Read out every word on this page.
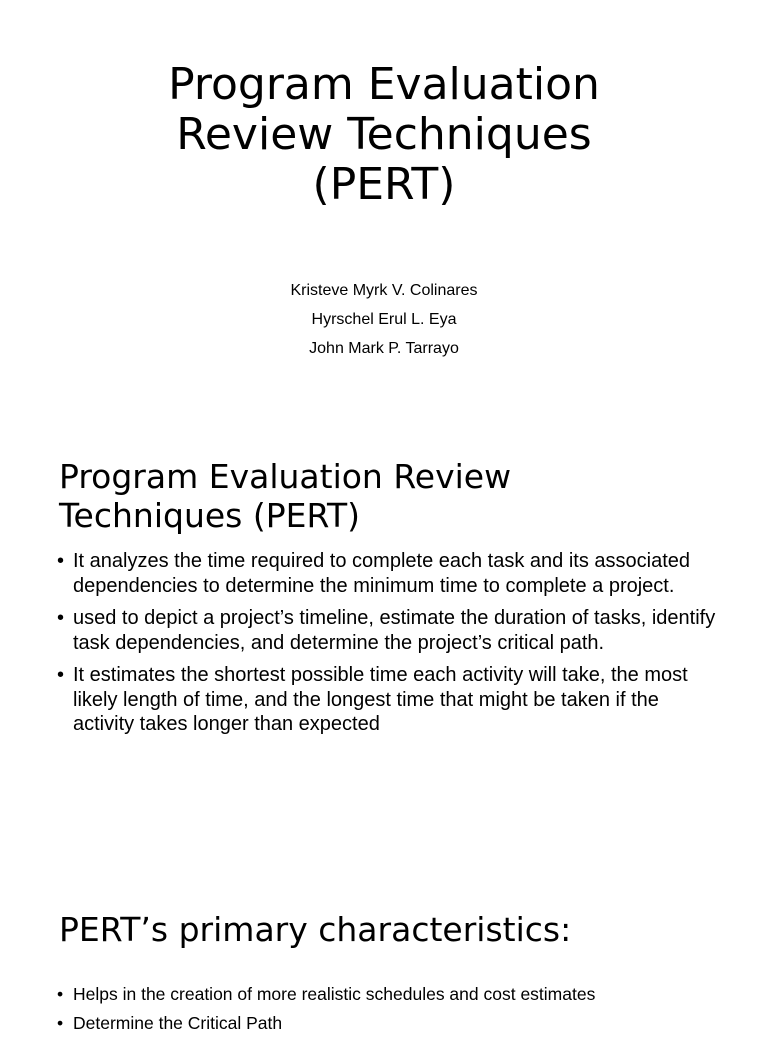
Program Evaluation
Review Techniques
(PERT)
Kristeve Myrk V. Colinares
Hyrschel Erul L. Eya
John Mark P. Tarrayo
Program Evaluation Review
Techniques (PERT)
• It analyzes the time required to complete each task and its associated dependencies to determine the minimum time to complete a project.
• used to depict a project’s timeline, estimate the duration of tasks, identify task dependencies, and determine the project’s critical path.
• It estimates the shortest possible time each activity will take, the most likely length of time, and the longest time that might be taken if the activity takes longer than expected
PERT’s primary characteristics:
• Helps in the creation of more realistic schedules and cost estimates
• Determine the Critical Path
